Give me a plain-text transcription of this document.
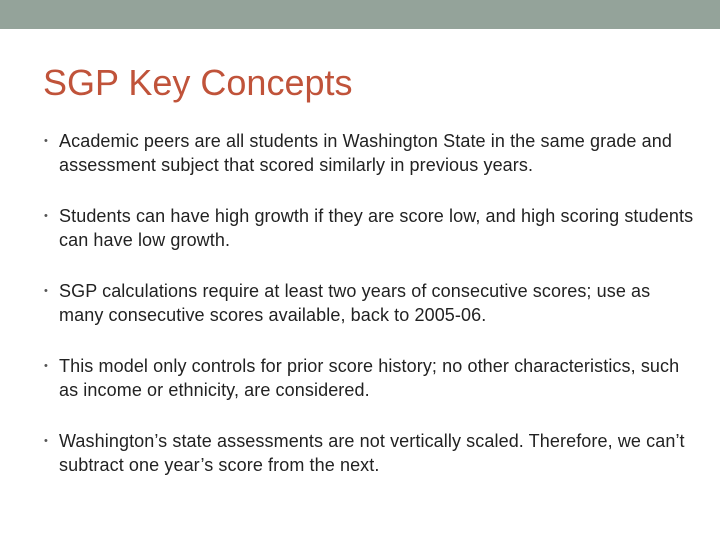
SGP Key Concepts
• Academic peers are all students in Washington State in the same grade and assessment subject that scored similarly in previous years.
• Students can have high growth if they are score low, and high scoring students can have low growth.
• SGP calculations require at least two years of consecutive scores; use as many consecutive scores available, back to 2005-06.
• This model only controls for prior score history; no other characteristics, such as income or ethnicity, are considered.
• Washington’s state assessments are not vertically scaled. Therefore, we can’t subtract one year’s score from the next.
